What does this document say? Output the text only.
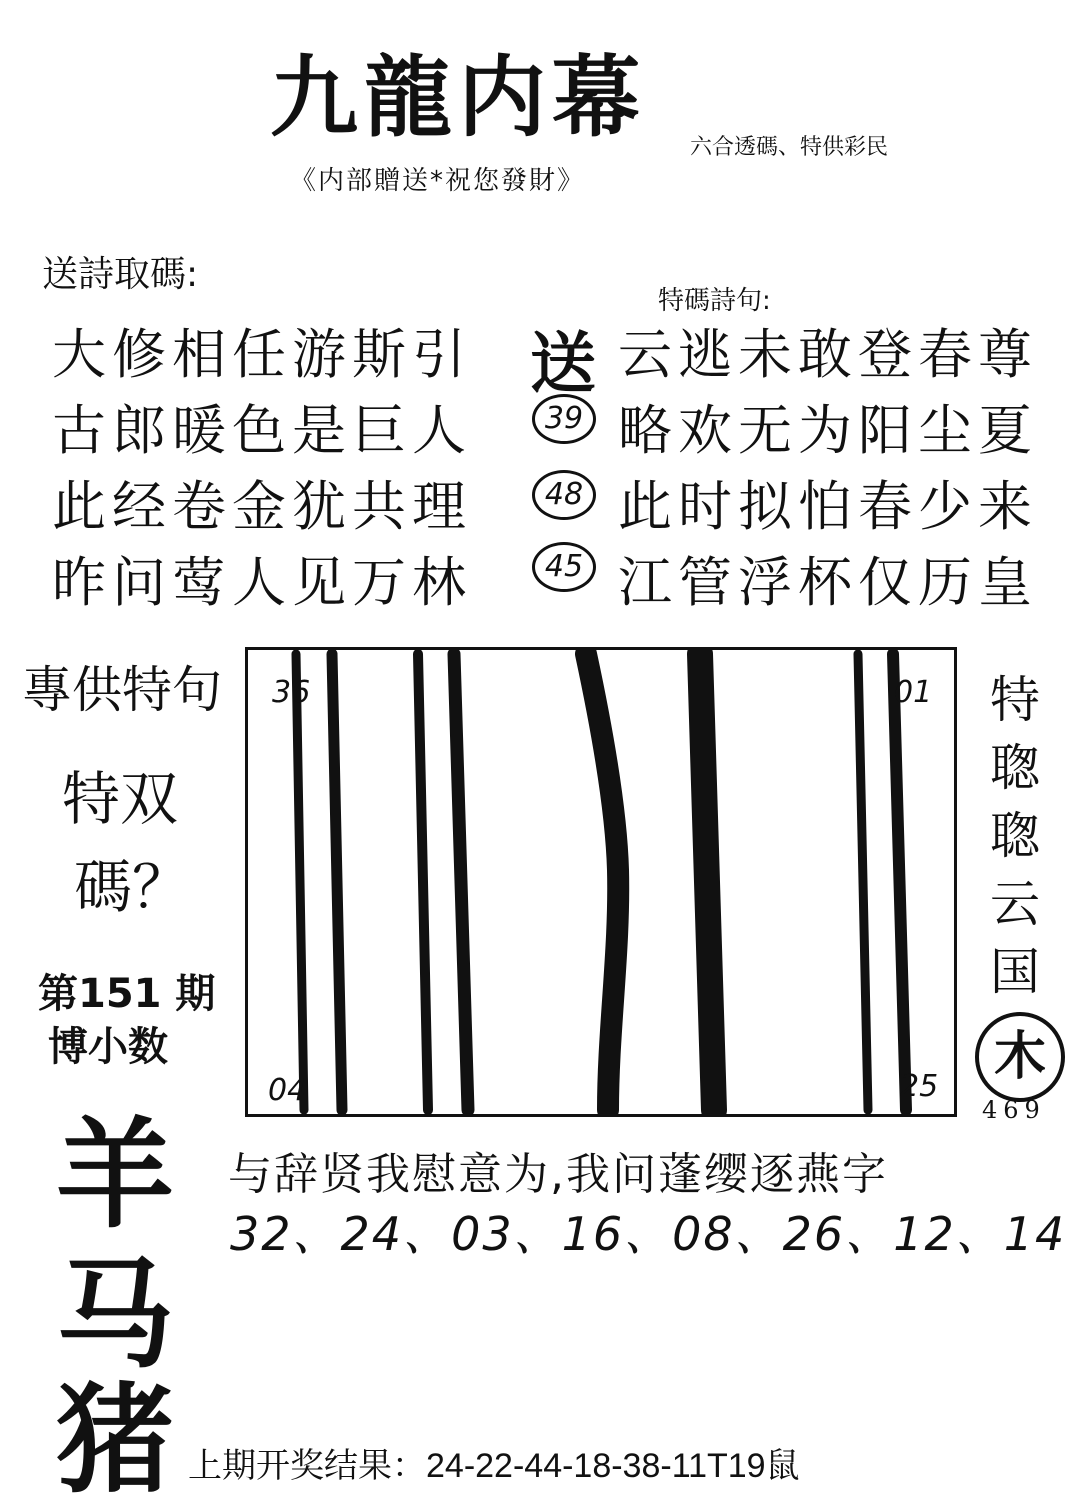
九龍内幕 六合透碼、特供彩民
《内部贈送*祝您發財》
送詩取碼:
大修相任游斯引
古郎暖色是巨人
此经卷金犹共理
昨问莺人见万林
特碼詩句:
送
39
48
45
云逃未敢登春尊
略欢无为阳尘夏
此时拟怕春少来
江管浮杯仅历皇
專供特句
特双
碼？
第151 期
博小数
羊
马
猪
36	01
04	25
特
聦
聦
云
国
木
469
与辞贤我慰意为,我问蓬缨逐燕字
32、24、03、16、08、26、12、14
上期开奖结果：24-22-44-18-38-11T19鼠
